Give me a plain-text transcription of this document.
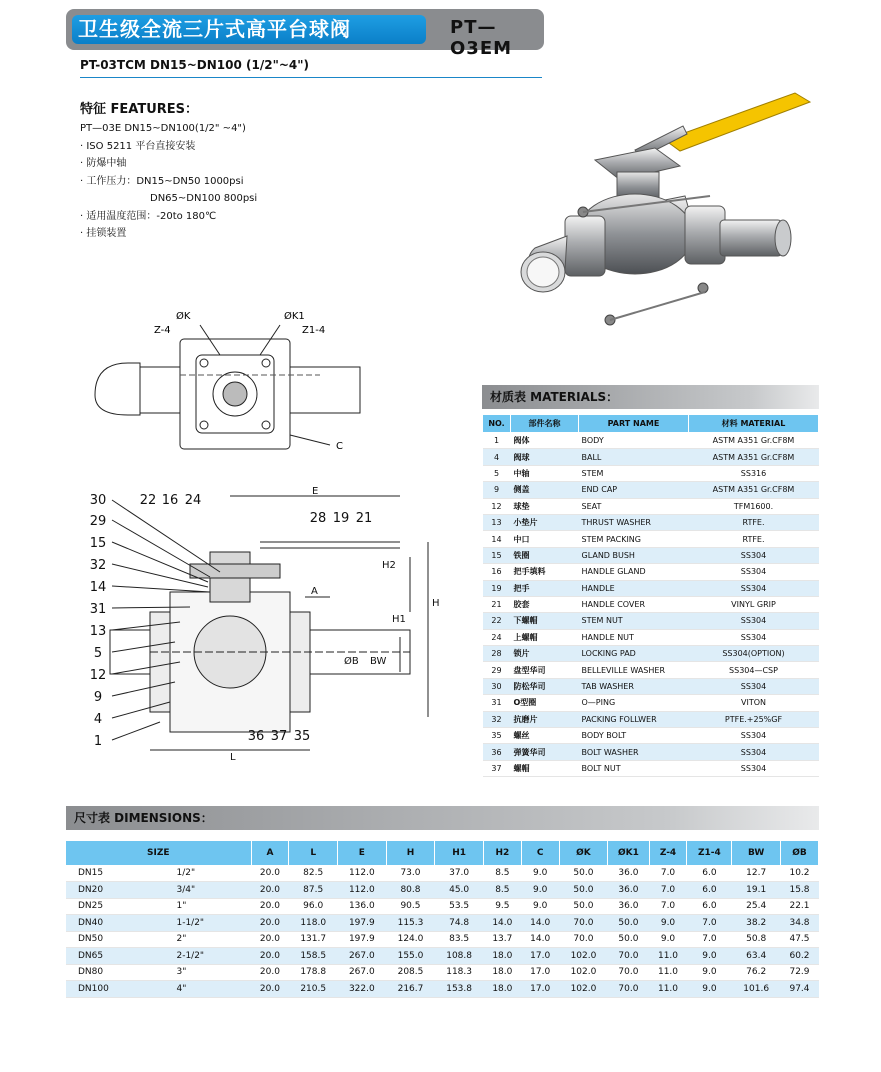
卫生级全流三片式高平台球阀	PT—O3EM
PT-03TCM DN15~DN100 (1/2"~4")
特征 FEATURES：
PT—03E DN15~DN100(1/2" ~4")
· ISO 5211 平台直接安装
· 防爆中轴
· 工作压力：DN15~DN50 1000psi
DN65~DN100 800psi
· 适用温度范围：-20to 180℃
· 挂锁装置
ØK	ØK1
Z-4	Z1-4
C
30
29
15
32
14
31
13
5
12
9
4
1
22 16 24
28 19 21
36 37 35
E
H2
H
H1
A
ØB BW
L
材质表 MATERIALS：
NO.	部件名称	PART NAME	材料 MATERIAL
1	阀体	BODY	ASTM A351 Gr.CF8M
4	阀球	BALL	ASTM A351 Gr.CF8M
5	中轴	STEM	SS316
9	侧盖	END CAP	ASTM A351 Gr.CF8M
12	球垫	SEAT	TFM1600.
13	小垫片	THRUST WASHER	RTFE.
14	中口	STEM PACKING	RTFE.
15	铁圈	GLAND BUSH	SS304
16	把手填料	HANDLE GLAND	SS304
19	把手	HANDLE	SS304
21	胶套	HANDLE COVER	VINYL GRIP
22	下螺帽	STEM NUT	SS304
24	上螺帽	HANDLE NUT	SS304
28	锁片	LOCKING PAD	SS304(OPTION)
29	盘型华司	BELLEVILLE WASHER	SS304—CSP
30	防松华司	TAB WASHER	SS304
31	O型圈	O—PING	VITON
32	抗磨片	PACKING FOLLWER	PTFE.+25%GF
35	螺丝	BODY BOLT	SS304
36	弹簧华司	BOLT WASHER	SS304
37	螺帽	BOLT NUT	SS304
尺寸表 DIMENSIONS：
SIZE		A	L	E	H	H1	H2	C	ØK	ØK1	Z-4	Z1-4	BW	ØB
DN15	1/2"	20.0	82.5	112.0	73.0	37.0	8.5	9.0	50.0	36.0	7.0	6.0	12.7	10.2
DN20	3/4"	20.0	87.5	112.0	80.8	45.0	8.5	9.0	50.0	36.0	7.0	6.0	19.1	15.8
DN25	1"	20.0	96.0	136.0	90.5	53.5	9.5	9.0	50.0	36.0	7.0	6.0	25.4	22.1
DN40	1-1/2"	20.0	118.0	197.9	115.3	74.8	14.0	14.0	70.0	50.0	9.0	7.0	38.2	34.8
DN50	2"	20.0	131.7	197.9	124.0	83.5	13.7	14.0	70.0	50.0	9.0	7.0	50.8	47.5
DN65	2-1/2"	20.0	158.5	267.0	155.0	108.8	18.0	17.0	102.0	70.0	11.0	9.0	63.4	60.2
DN80	3"	20.0	178.8	267.0	208.5	118.3	18.0	17.0	102.0	70.0	11.0	9.0	76.2	72.9
DN100	4"	20.0	210.5	322.0	216.7	153.8	18.0	17.0	102.0	70.0	11.0	9.0	101.6	97.4
